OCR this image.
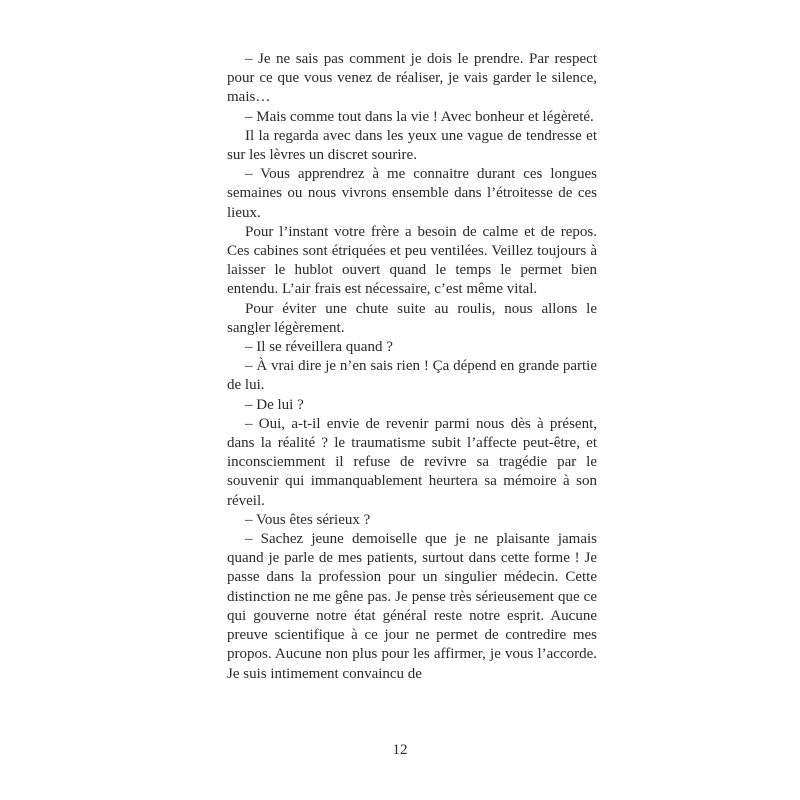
– Je ne sais pas comment je dois le prendre. Par respect pour ce que vous venez de réaliser, je vais garder le silence, mais…

– Mais comme tout dans la vie ! Avec bonheur et légèreté.

Il la regarda avec dans les yeux une vague de tendresse et sur les lèvres un discret sourire.

– Vous apprendrez à me connaitre durant ces longues semaines ou nous vivrons ensemble dans l’étroitesse de ces lieux.

Pour l’instant votre frère a besoin de calme et de repos. Ces cabines sont étriquées et peu ventilées. Veillez toujours à laisser le hublot ouvert quand le temps le permet bien entendu. L’air frais est nécessaire, c’est même vital.

Pour éviter une chute suite au roulis, nous allons le sangler légèrement.

– Il se réveillera quand ?

– À vrai dire je n’en sais rien ! Ça dépend en grande partie de lui.

– De lui ?

– Oui, a-t-il envie de revenir parmi nous dès à présent, dans la réalité ? le traumatisme subit l’affecte peut-être, et inconsciemment il refuse de revivre sa tragédie par le souvenir qui immanquablement heurtera sa mémoire à son réveil.

– Vous êtes sérieux ?

– Sachez jeune demoiselle que je ne plaisante jamais quand je parle de mes patients, surtout dans cette forme ! Je passe dans la profession pour un singulier médecin. Cette distinction ne me gêne pas. Je pense très sérieusement que ce qui gouverne notre état général reste notre esprit. Aucune preuve scientifique à ce jour ne permet de contredire mes propos. Aucune non plus pour les affirmer, je vous l’accorde. Je suis intimement convaincu de

12
